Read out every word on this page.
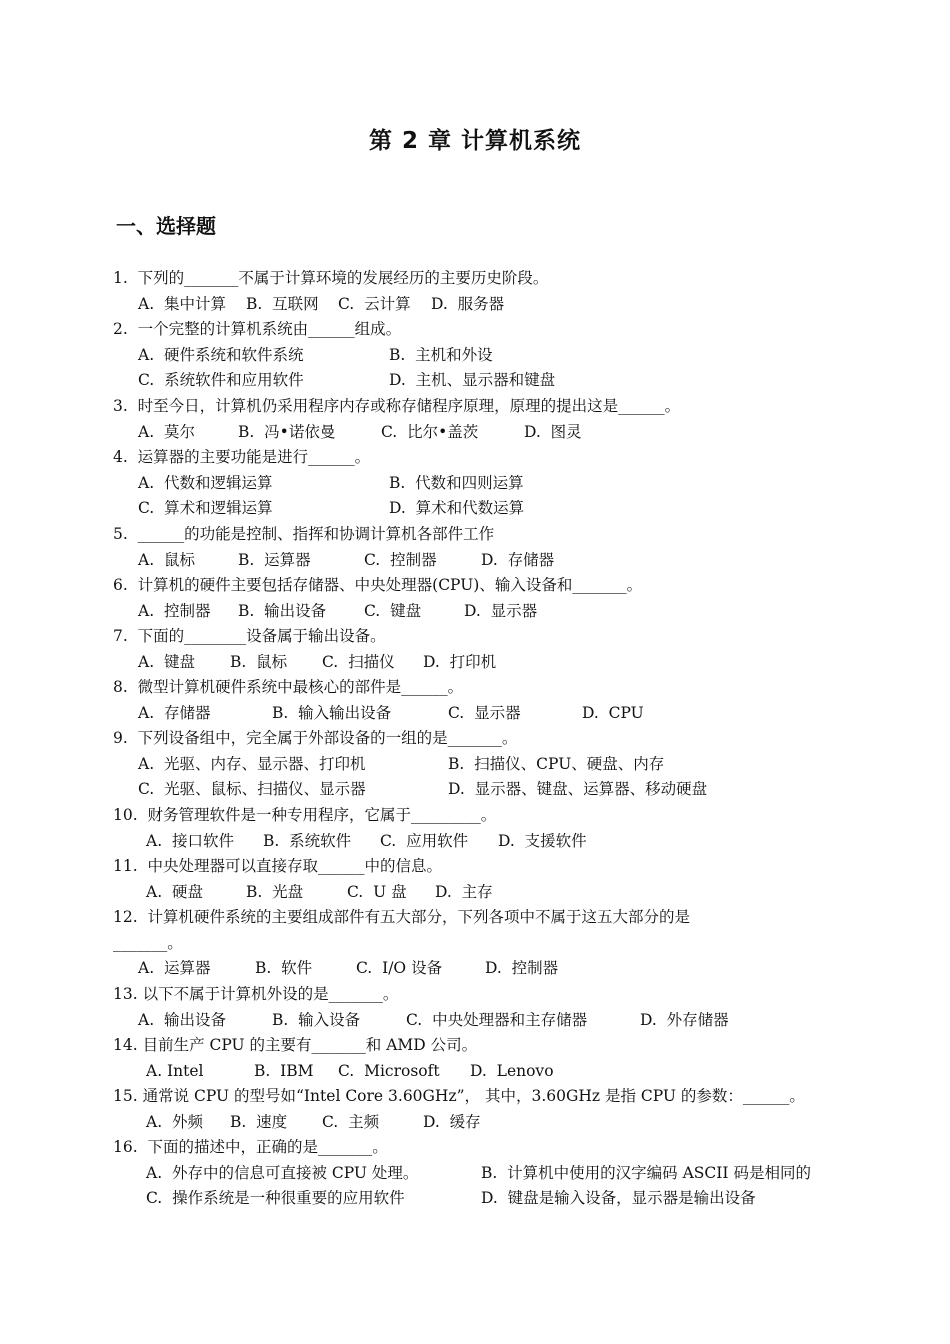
第 2 章 计算机系统
一、选择题
1.  下列的_______不属于计算环境的发展经历的主要历史阶段。
A.  集中计算 B.  互联网 C.  云计算 D.  服务器
2.  一个完整的计算机系统由______组成。
A.  硬件系统和软件系统	B.  主机和外设
C.  系统软件和应用软件	D.  主机、显示器和键盘
3.  时至今日，计算机仍采用程序内存或称存储程序原理，原理的提出这是______。
A.  莫尔	B.  冯•诺依曼	C.  比尔•盖茨	D.  图灵
4.  运算器的主要功能是进行______。
A.  代数和逻辑运算	B.  代数和四则运算
C.  算术和逻辑运算	D.  算术和代数运算
5.  ______的功能是控制、指挥和协调计算机各部件工作
A.  鼠标	B.  运算器	C.  控制器	D.  存储器
6.  计算机的硬件主要包括存储器、中央处理器(CPU)、输入设备和_______。
A.  控制器 B.  输出设备 C.  键盘	D.  显示器
7.  下面的________设备属于输出设备。
A.  键盘 B.  鼠标 C.  扫描仪 D.  打印机
8.  微型计算机硬件系统中最核心的部件是______。
A.  存储器	B.  输入输出设备	C.  显示器	D.  CPU
9.  下列设备组中，完全属于外部设备的一组的是_______。
A.  光驱、内存、显示器、打印机	B.  扫描仪、CPU、硬盘、内存
C.  光驱、鼠标、扫描仪、显示器	D.  显示器、键盘、运算器、移动硬盘
10.  财务管理软件是一种专用程序，它属于_________。
A.  接口软件 B.  系统软件 C.  应用软件 D.  支援软件
11.  中央处理器可以直接存取______中的信息。
A.  硬盘	B.  光盘	C.  U 盘 D.  主存
12.  计算机硬件系统的主要组成部件有五大部分，下列各项中不属于这五大部分的是
_______。
A.  运算器	B.  软件	C.  I/O 设备	D.  控制器
13. 以下不属于计算机外设的是_______。
A.  输出设备	B.  输入设备	C.  中央处理器和主存储器	D.  外存储器
14. 目前生产 CPU 的主要有_______和 AMD 公司。
A. Intel	B.  IBM C.  Microsoft D.  Lenovo
15. 通常说 CPU 的型号如“Intel Core 3.60GHz”， 其中，3.60GHz 是指 CPU 的参数：______。
A.  外频 B.  速度 C.  主频	D.  缓存
16.  下面的描述中，正确的是_______。
A.  外存中的信息可直接被 CPU 处理。	B.  计算机中使用的汉字编码 ASCII 码是相同的
C.  操作系统是一种很重要的应用软件	D.  键盘是输入设备，显示器是输出设备
